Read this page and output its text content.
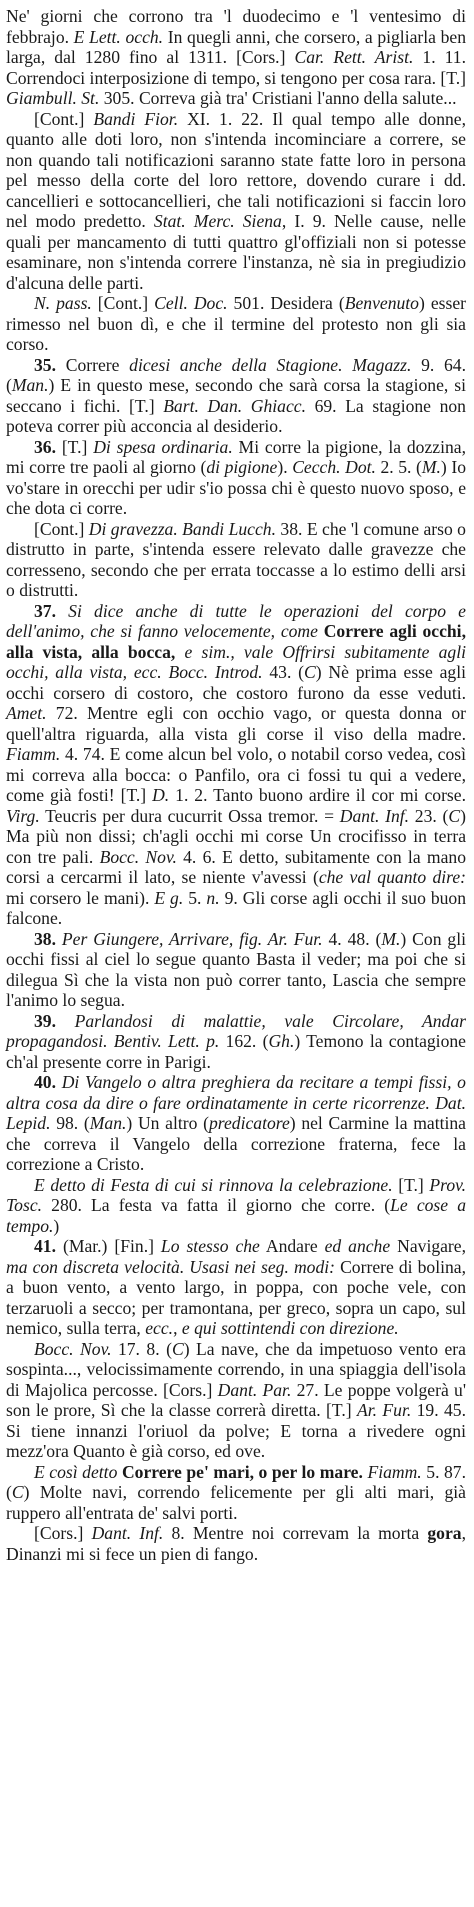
Ne' giorni che corrono tra 'l duodecimo e 'l ventesimo di febbrajo. E Lett. occh. In quegli anni, che corsero, a pigliarla ben larga, dal 1280 fino al 1311. [Cors.] Car. Rett. Arist. 1. 11. Correndoci interposizione di tempo, si tengono per cosa rara. [T.] Giambull. St. 305. Correva già tra' Cristiani l'anno della salute...

[Cont.] Bandi Fior. XI. 1. 22. Il qual tempo alle donne, quanto alle doti loro, non s'intenda incominciare a correre, se non quando tali notificazioni saranno state fatte loro in persona pel messo della corte del loro rettore, dovendo curare i dd. cancellieri e sottocancellieri, che tali notificazioni si faccin loro nel modo predetto. Stat. Merc. Siena, I. 9. Nelle cause, nelle quali per mancamento di tutti quattro gl'offiziali non si potesse esaminare, non s'intenda correre l'instanza, nè sia in pregiudizio d'alcuna delle parti.

N. pass. [Cont.] Cell. Doc. 501. Desidera (Benvenuto) esser rimesso nel buon dì, e che il termine del protesto non gli sia corso.

35. Correre dicesi anche della Stagione. Magazz. 9. 64. (Man.) E in questo mese, secondo che sarà corsa la stagione, si seccano i fichi. [T.] Bart. Dan. Ghiacc. 69. La stagione non poteva correr più acconcia al desiderio.

36. [T.] Di spesa ordinaria. Mi corre la pigione, la dozzina, mi corre tre paoli al giorno (di pigione). Cecch. Dot. 2. 5. (M.) Io vo'stare in orecchi per udir s'io possa chi è questo nuovo sposo, e che dota ci corre.

[Cont.] Di gravezza. Bandi Lucch. 38. E che 'l comune arso o distrutto in parte, s'intenda essere relevato dalle gravezze che corresseno, secondo che per errata toccasse a lo estimo delli arsi o distrutti.

37. Si dice anche di tutte le operazioni del corpo e dell'animo, che si fanno velocemente, come Correre agli occhi, alla vista, alla bocca, e sim., vale Offrirsi subitamente agli occhi, alla vista, ecc. Bocc. Introd. 43. (C) Nè prima esse agli occhi corsero di costoro, che costoro furono da esse veduti. Amet. 72. Mentre egli con occhio vago, or questa donna or quell'altra riguarda, alla vista gli corse il viso della madre. Fiamm. 4. 74. E come alcun bel volo, o notabil corso vedea, così mi correva alla bocca: o Panfilo, ora ci fossi tu qui a vedere, come già fosti! [T.] D. 1. 2. Tanto buono ardire il cor mi corse. Virg. Teucris per dura cucurrit Ossa tremor. = Dant. Inf. 23. (C) Ma più non dissi; ch'agli occhi mi corse Un crocifisso in terra con tre pali. Bocc. Nov. 4. 6. E detto, subitamente con la mano corsi a cercarmi il lato, se niente v'avessi (che val quanto dire: mi corsero le mani). E g. 5. n. 9. Gli corse agli occhi il suo buon falcone.

38. Per Giungere, Arrivare, fig. Ar. Fur. 4. 48. (M.) Con gli occhi fissi al ciel lo segue quanto Basta il veder; ma poi che si dilegua Sì che la vista non può correr tanto, Lascia che sempre l'animo lo segua.

39. Parlandosi di malattie, vale Circolare, Andar propagandosi. Bentiv. Lett. p. 162. (Gh.) Temono la contagione ch'al presente corre in Parigi.

40. Di Vangelo o altra preghiera da recitare a tempi fissi, o altra cosa da dire o fare ordinatamente in certe ricorrenze. Dat. Lepid. 98. (Man.) Un altro (predicatore) nel Carmine la mattina che correva il Vangelo della correzione fraterna, fece la correzione a Cristo.

E detto di Festa di cui si rinnova la celebrazione. [T.] Prov. Tosc. 280. La festa va fatta il giorno che corre. (Le cose a tempo.)

41. (Mar.) [Fin.] Lo stesso che Andare ed anche Navigare, ma con discreta velocità. Usasi nei seg. modi: Correre di bolina, a buon vento, a vento largo, in poppa, con poche vele, con terzaruoli a secco; per tramontana, per greco, sopra un capo, sul nemico, sulla terra, ecc., e qui sottintendi con direzione.

Bocc. Nov. 17. 8. (C) La nave, che da impetuoso vento era sospinta..., velocissimamente correndo, in una spiaggia dell'isola di Majolica percosse. [Cors.] Dant. Par. 27. Le poppe volgerà u' son le prore, Sì che la classe correrà diretta. [T.] Ar. Fur. 19. 45. Si tiene innanzi l'oriuol da polve; E torna a rivedere ogni mezz'ora Quanto è già corso, ed ove.

E così detto Correre pe' mari, o per lo mare. Fiamm. 5. 87. (C) Molte navi, correndo felicemente per gli alti mari, già ruppero all'entrata de' salvi porti.

[Cors.] Dant. Inf. 8. Mentre noi correvam la morta gora, Dinanzi mi si fece un pien di fango.
